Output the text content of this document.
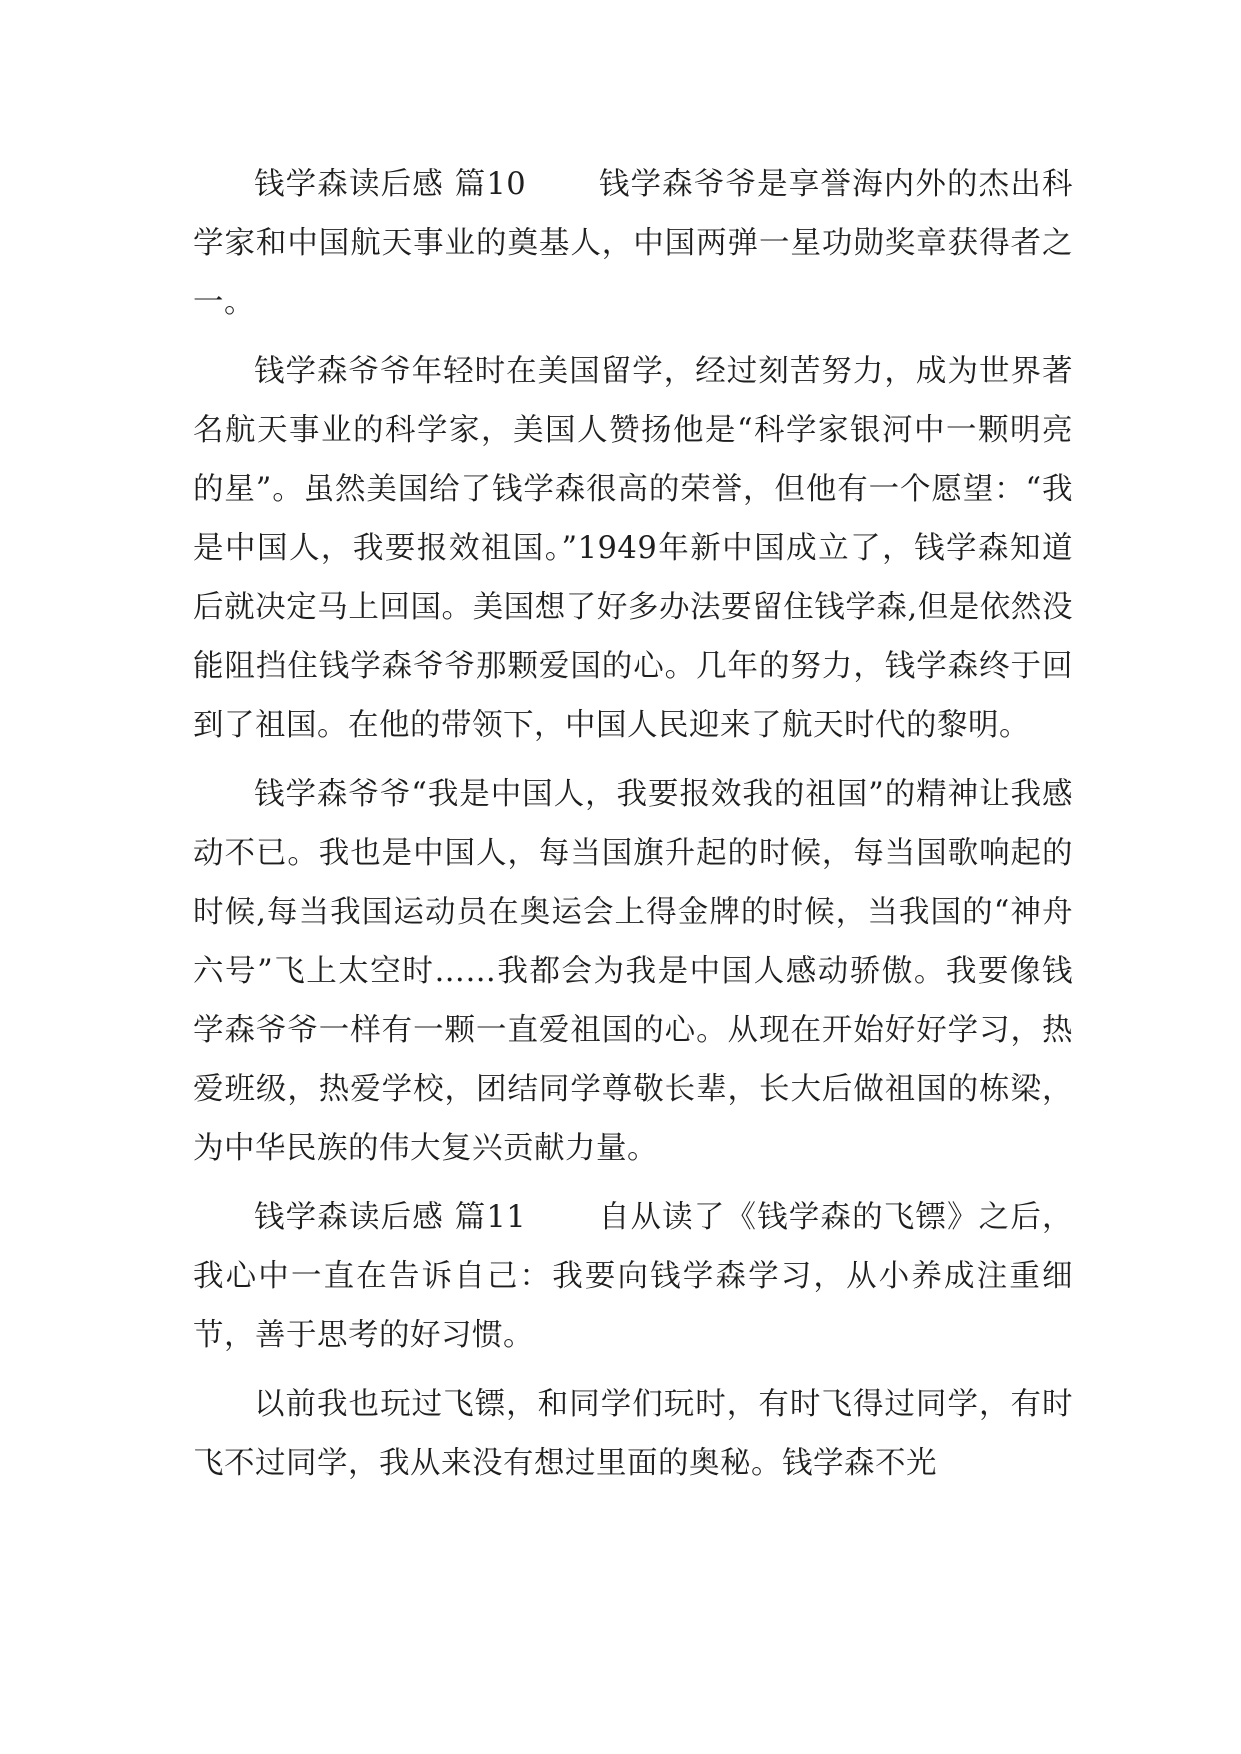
钱学森读后感 篇10 钱学森爷爷是享誉海内外的杰出科学家和中国航天事业的奠基人，中国两弹一星功勋奖章获得者之一。

钱学森爷爷年轻时在美国留学，经过刻苦努力，成为世界著名航天事业的科学家，美国人赞扬他是“科学家银河中一颗明亮的星”。虽然美国给了钱学森很高的荣誉，但他有一个愿望：“我是中国人，我要报效祖国。”1949年新中国成立了，钱学森知道后就决定马上回国。美国想了好多办法要留住钱学森,但是依然没能阻挡住钱学森爷爷那颗爱国的心。几年的努力，钱学森终于回到了祖国。在他的带领下，中国人民迎来了航天时代的黎明。

钱学森爷爷“我是中国人，我要报效我的祖国”的精神让我感动不已。我也是中国人，每当国旗升起的时候，每当国歌响起的时候,每当我国运动员在奥运会上得金牌的时候，当我国的“神舟六号”飞上太空时……我都会为我是中国人感动骄傲。我要像钱学森爷爷一样有一颗一直爱祖国的心。从现在开始好好学习，热爱班级，热爱学校，团结同学尊敬长辈，长大后做祖国的栋梁，为中华民族的伟大复兴贡献力量。

钱学森读后感 篇11 自从读了《钱学森的飞镖》之后，我心中一直在告诉自己：我要向钱学森学习，从小养成注重细节，善于思考的好习惯。

以前我也玩过飞镖，和同学们玩时，有时飞得过同学，有时飞不过同学，我从来没有想过里面的奥秘。钱学森不光
